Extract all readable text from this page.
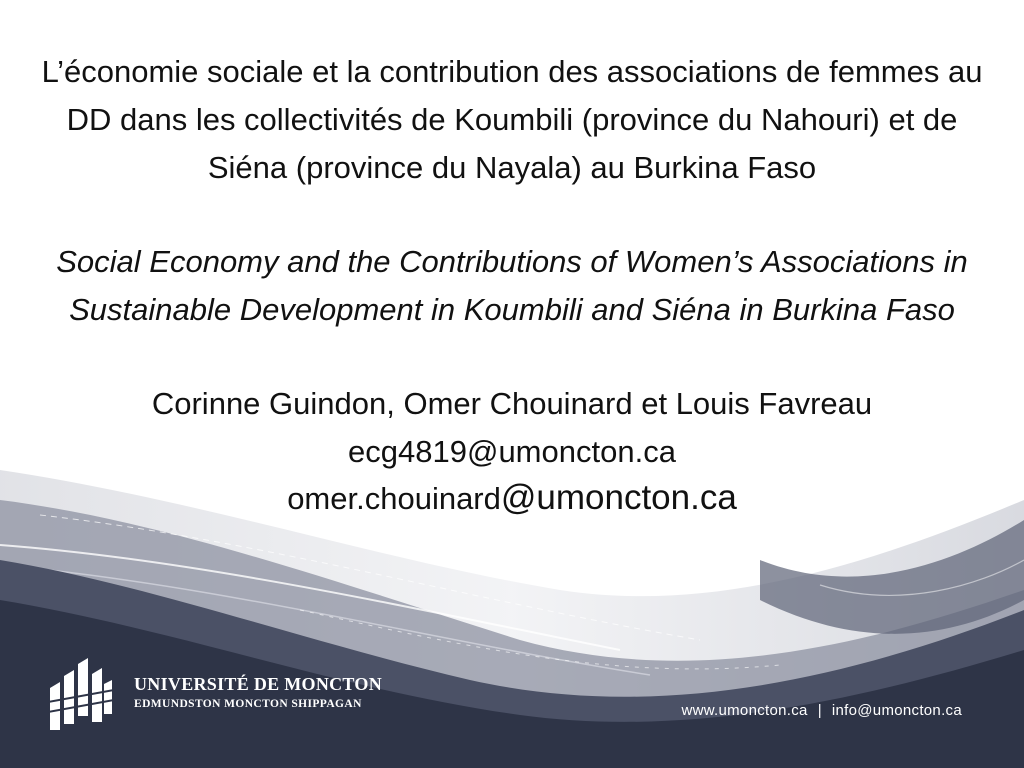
L’économie sociale et la contribution des associations de femmes au DD dans les collectivités de Koumbili (province du Nahouri) et de Siéna (province du Nayala) au Burkina Faso
Social Economy and the Contributions of Women’s Associations in Sustainable Development in Koumbili and Siéna in Burkina Faso
Corinne Guindon, Omer Chouinard et Louis Favreau
ecg4819@umoncton.ca
omer.chouinard@umoncton.ca
UNIVERSITÉ DE MONCTON
EDMUNDSTON MONCTON SHIPPAGAN	www.umoncton.ca | info@umoncton.ca
